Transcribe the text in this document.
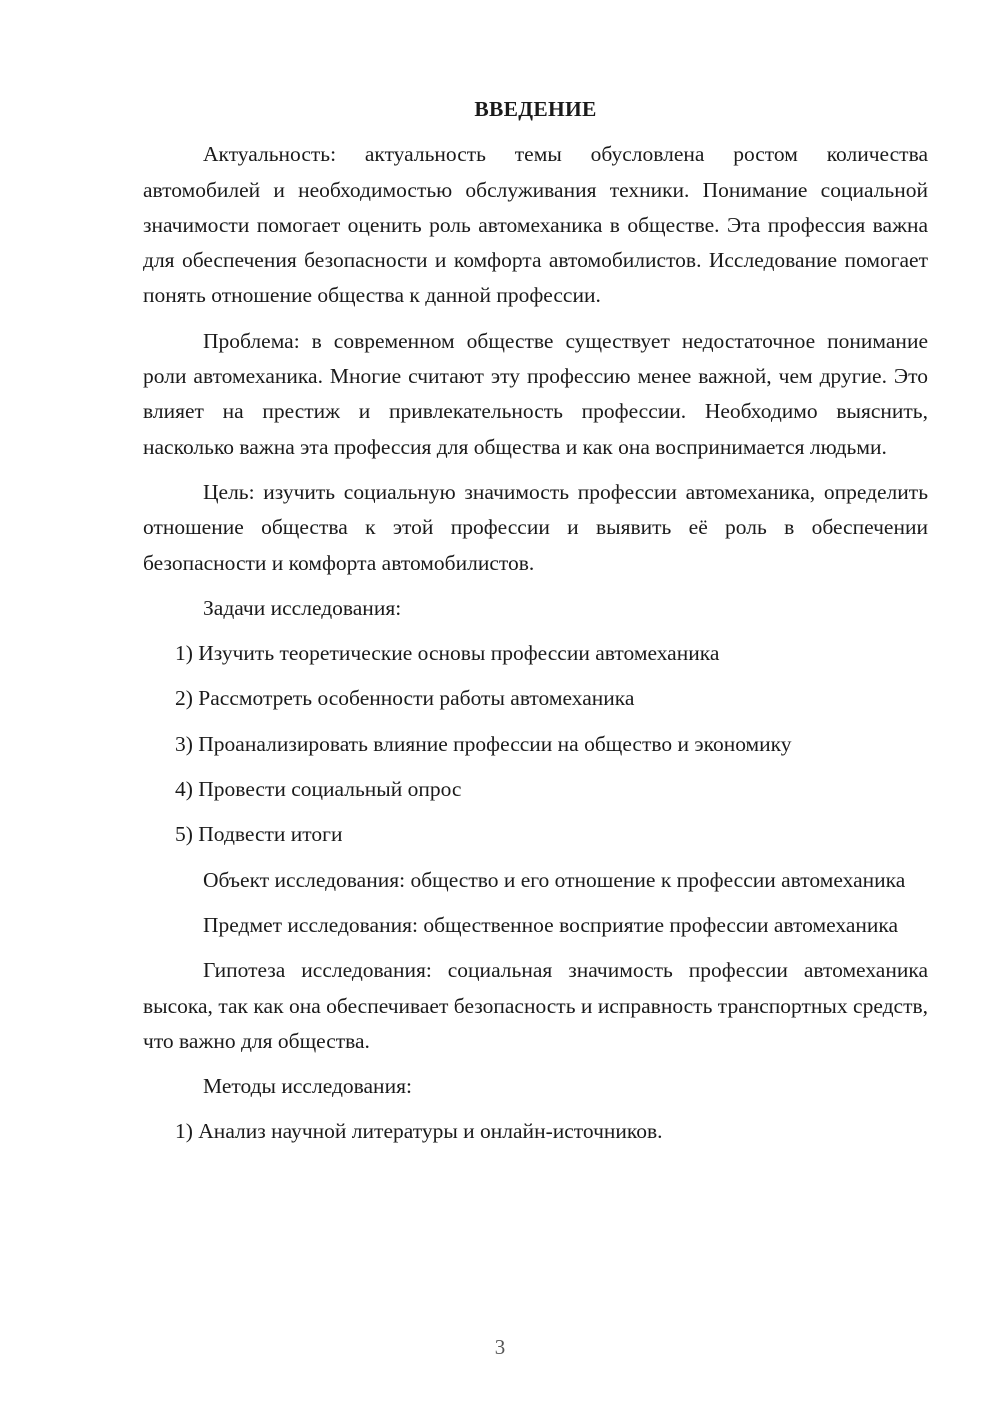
ВВЕДЕНИЕ

Актуальность: актуальность темы обусловлена ростом количества автомобилей и необходимостью обслуживания техники. Понимание социальной значимости помогает оценить роль автомеханика в обществе. Эта профессия важна для обеспечения безопасности и комфорта автомобилистов. Исследование помогает понять отношение общества к данной профессии.

Проблема: в современном обществе существует недостаточное понимание роли автомеханика. Многие считают эту профессию менее важной, чем другие. Это влияет на престиж и привлекательность профессии. Необходимо выяснить, насколько важна эта профессия для общества и как она воспринимается людьми.

Цель: изучить социальную значимость профессии автомеханика, определить отношение общества к этой профессии и выявить её роль в обеспечении безопасности и комфорта автомобилистов.

Задачи исследования:

1) Изучить теоретические основы профессии автомеханика
2) Рассмотреть особенности работы автомеханика
3) Проанализировать влияние профессии на общество и экономику
4) Провести социальный опрос
5) Подвести итоги

Объект исследования: общество и его отношение к профессии автомеханика

Предмет исследования: общественное восприятие профессии автомеханика

Гипотеза исследования: социальная значимость профессии автомеханика высока, так как она обеспечивает безопасность и исправность транспортных средств, что важно для общества.

Методы исследования:

1) Анализ научной литературы и онлайн-источников.
3
